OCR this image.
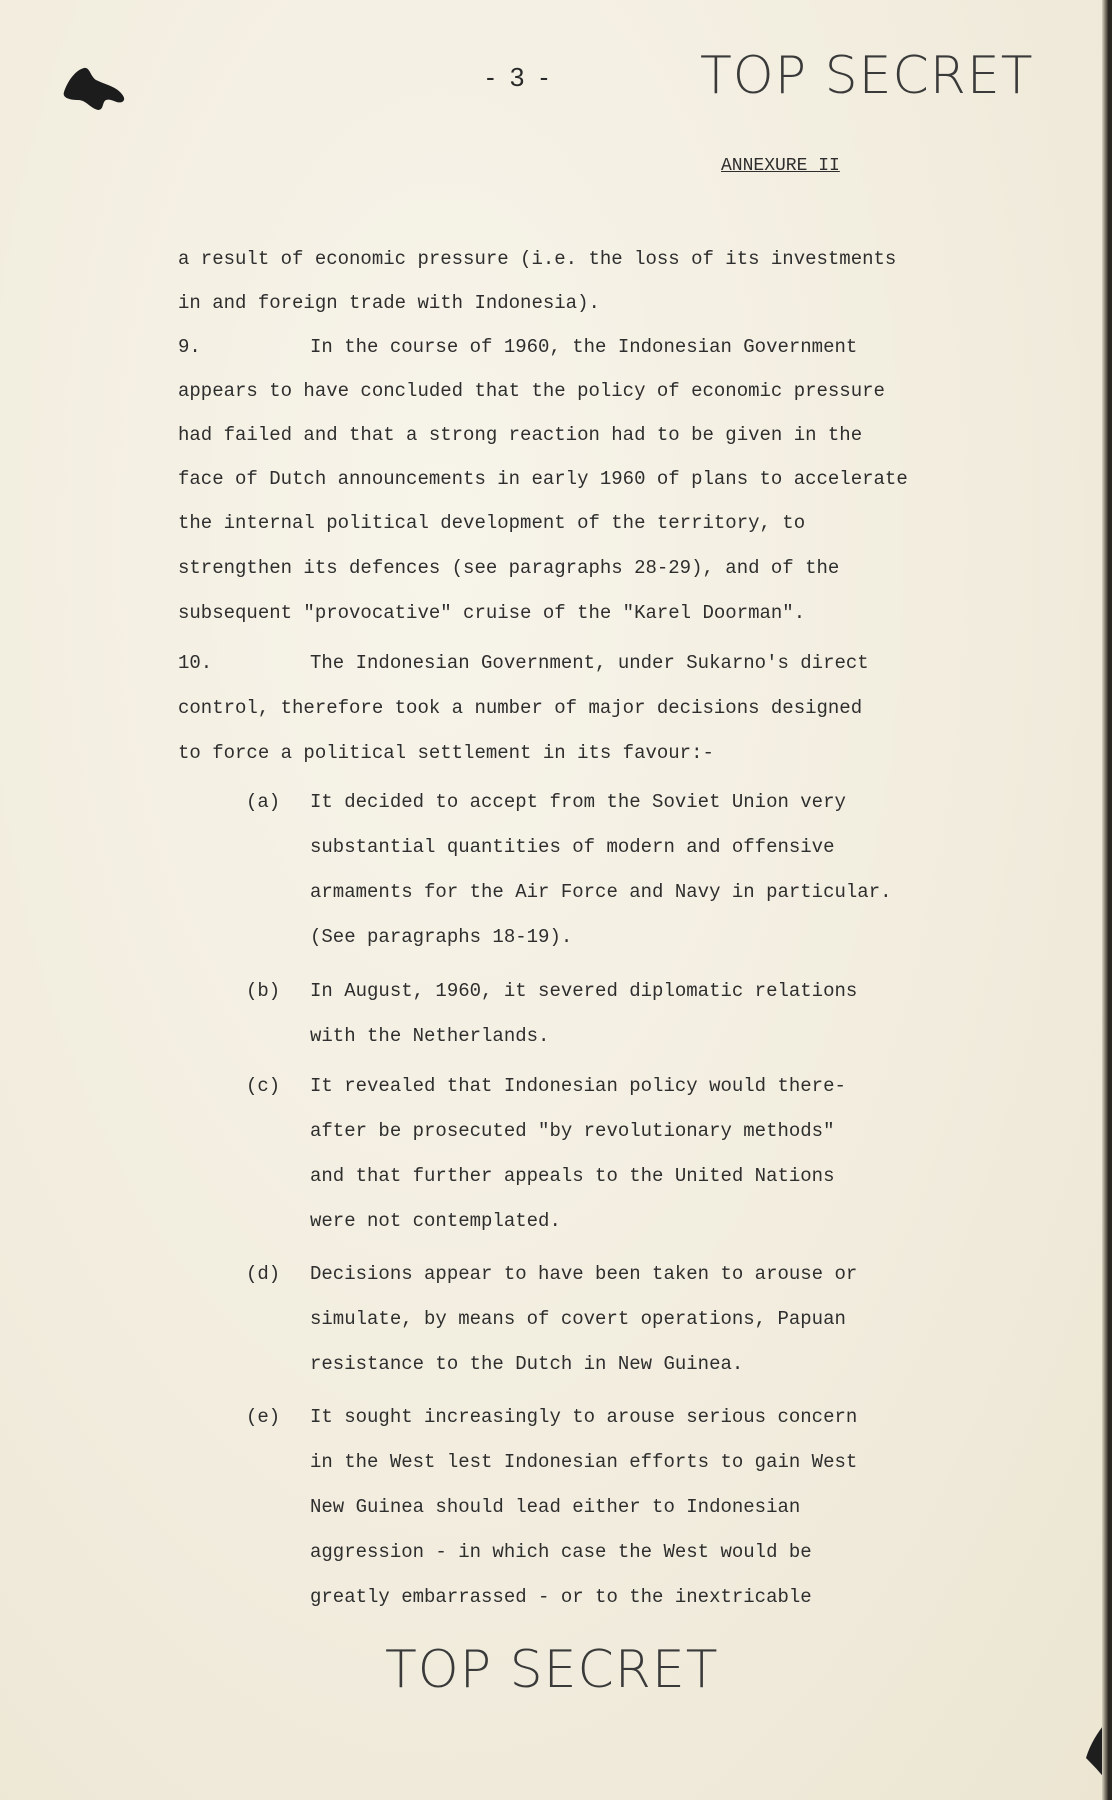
- 3 -	TOP SECRET
ANNEXURE II
a result of economic pressure (i.e. the loss of its investments
in and foreign trade with Indonesia).
9.	In the course of 1960, the Indonesian Government
appears to have concluded that the policy of economic pressure
had failed and that a strong reaction had to be given in the
face of Dutch announcements in early 1960 of plans to accelerate
the internal political development of the territory, to
strengthen its defences (see paragraphs 28-29), and of the
subsequent "provocative" cruise of the "Karel Doorman".
10.	The Indonesian Government, under Sukarno's direct
control, therefore took a number of major decisions designed
to force a political settlement in its favour:-
(a) It decided to accept from the Soviet Union very
substantial quantities of modern and offensive
armaments for the Air Force and Navy in particular.
(See paragraphs 18-19).
(b) In August, 1960, it severed diplomatic relations
with the Netherlands.
(c) It revealed that Indonesian policy would there-
after be prosecuted "by revolutionary methods"
and that further appeals to the United Nations
were not contemplated.
(d) Decisions appear to have been taken to arouse or
simulate, by means of covert operations, Papuan
resistance to the Dutch in New Guinea.
(e) It sought increasingly to arouse serious concern
in the West lest Indonesian efforts to gain West
New Guinea should lead either to Indonesian
aggression - in which case the West would be
greatly embarrassed - or to the inextricable
TOP SECRET
